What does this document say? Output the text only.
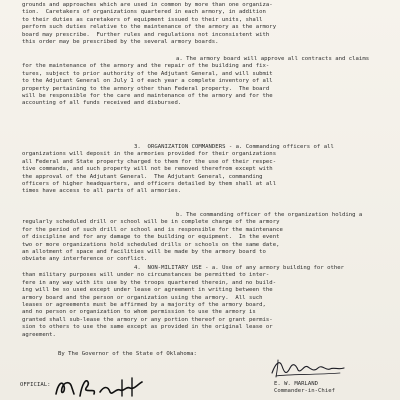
grounds and approaches which are used in common by more than one organiza-
tion.  Caretakers of organizations quartered in each armory, in addition
to their duties as caretakers of equipment issued to their units, shall
perform such duties relative to the maintenance of the armory as the armory
board may prescribe.  Further rules and regulations not inconsistent with
this order may be prescribed by the several armory boards.
a. The armory board will approve all contracts and claims
for the maintenance of the armory and the repair of the building and fix-
tures, subject to prior authority of the Adjutant General, and will submit
to the Adjutant General on July 1 of each year a complete inventory of all
property pertaining to the armory other than Federal property.  The board
will be responsible for the care and maintenance of the armory and for the
accounting of all funds received and disbursed.
3.  ORGANIZATION COMMANDERS - a. Commanding officers of all
organizations will deposit in the armories provided for their organizations
all Federal and State property charged to them for the use of their respec-
tive commands, and such property will not be removed therefrom except with
the approval of the Adjutant General.  The Adjutant General, commanding
officers of higher headquarters, and officers detailed by them shall at all
times have access to all parts of all armories.
b. The commanding officer of the organization holding a
regularly scheduled drill or school will be in complete charge of the armory
for the period of such drill or school and is responsible for the maintenance
of discipline and for any damage to the building or equipment.  In the event
two or more organizations hold scheduled drills or schools on the same date,
an allotment of space and facilities will be made by the armory board to
obviate any interference or conflict.
4.  NON-MILITARY USE - a. Use of any armory building for other
than military purposes will under no circumstances be permitted to inter-
fere in any way with its use by the troops quartered therein, and no build-
ing will be so used except under lease or agreement in writing between the
armory board and the person or organization using the armory.  All such
leases or agreements must be affirmed by a majority of the armory board,
and no person or organization to whom permission to use the armory is
granted shall sub-lease the armory or any portion thereof or grant permis-
sion to others to use the same except as provided in the original lease or
agreement.
By The Governor of the State of Oklahoma:
E. W. MARLAND
Commander-in-Chief
OFFICIAL:
